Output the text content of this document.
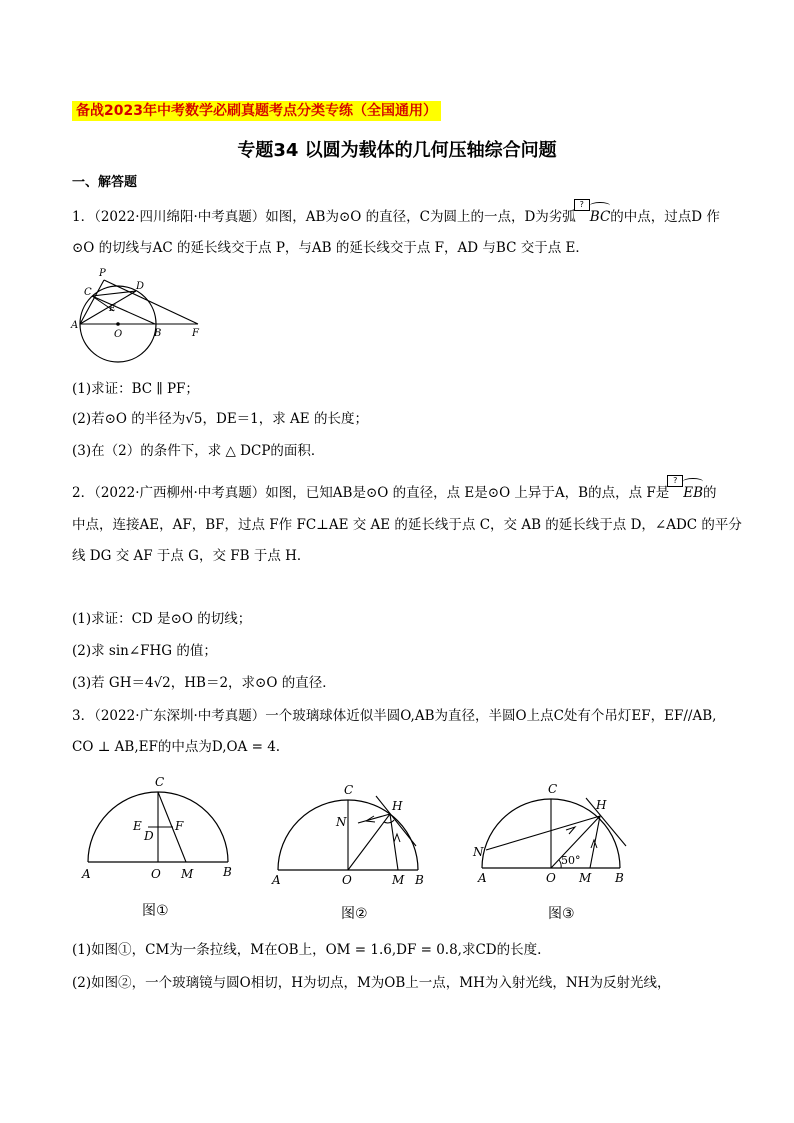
备战2023年中考数学必刷真题考点分类专练（全国通用）
专题34 以圆为载体的几何压轴综合问题
一、解答题
1．（2022·四川绵阳·中考真题）如图，AB为⊙O 的直径，C为圆上的一点，D为劣弧?BC的中点，过点D 作
⊙O 的切线与AC 的延长线交于点 P，与AB 的延长线交于点 F，AD 与BC 交于点 E．
P
C
D
E
A
O	B	F
(1)求证：BC ∥ PF；
(2)若⊙O 的半径为√5，DE＝1，求 AE 的长度；
(3)在（2）的条件下，求 △ DCP的面积．
2．（2022·广西柳州·中考真题）如图，已知AB是⊙O 的直径，点 E是⊙O 上异于A，B的点，点 F是?EB的
中点，连接AE，AF，BF，过点 F作 FC⊥AE 交 AE 的延长线于点 C，交 AB 的延长线于点 D，∠ADC 的平分
线 DG 交 AF 于点 G，交 FB 于点 H．
(1)求证：CD 是⊙O 的切线；
(2)求 sin∠FHG 的值；
(3)若 GH＝4√2，HB＝2，求⊙O 的直径．
3．（2022·广东深圳·中考真题）一个玻璃球体近似半圆O,AB为直径，半圆O上点C处有个吊灯EF，EF//AB,
CO ⊥ AB,EF的中点为D,OA = 4.
C
E
D
F
A	O M B
图①
C
H
N
A	O	M B
图②
50°
C
H
N
A	O M B
图③
(1)如图①，CM为一条拉线，M在OB上，OM = 1.6,DF = 0.8,求CD的长度.
(2)如图②，一个玻璃镜与圆O相切，H为切点，M为OB上一点，MH为入射光线，NH为反射光线，
